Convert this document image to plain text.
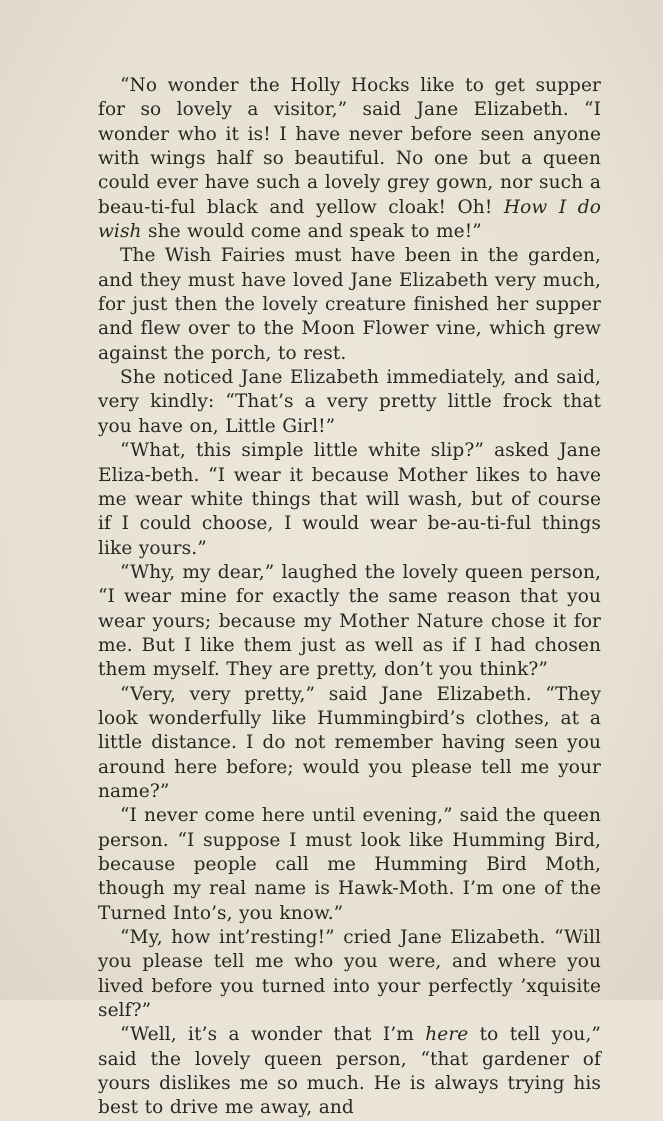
“No wonder the Holly Hocks like to get supper for so lovely a visitor,” said Jane Elizabeth. “I wonder who it is! I have never before seen anyone with wings half so beautiful. No one but a queen could ever have such a lovely grey gown, nor such a beau-ti-ful black and yellow cloak! Oh! How I do wish she would come and speak to me!”

The Wish Fairies must have been in the garden, and they must have loved Jane Elizabeth very much, for just then the lovely creature finished her supper and flew over to the Moon Flower vine, which grew against the porch, to rest.

She noticed Jane Elizabeth immediately, and said, very kindly: “That’s a very pretty little frock that you have on, Little Girl!”

“What, this simple little white slip?” asked Jane Eliza-beth. “I wear it because Mother likes to have me wear white things that will wash, but of course if I could choose, I would wear be-au-ti-ful things like yours.”

“Why, my dear,” laughed the lovely queen person, “I wear mine for exactly the same reason that you wear yours; because my Mother Nature chose it for me. But I like them just as well as if I had chosen them myself. They are pretty, don’t you think?”

“Very, very pretty,” said Jane Elizabeth. “They look wonderfully like Hummingbird’s clothes, at a little distance. I do not remember having seen you around here before; would you please tell me your name?”

“I never come here until evening,” said the queen person. “I suppose I must look like Humming Bird, because people call me Humming Bird Moth, though my real name is Hawk-Moth. I’m one of the Turned Into’s, you know.”

“My, how int’resting!” cried Jane Elizabeth. “Will you please tell me who you were, and where you lived before you turned into your perfectly ’xquisite self?”

“Well, it’s a wonder that I’m here to tell you,” said the lovely queen person, “that gardener of yours dislikes me so much. He is always trying his best to drive me away, and
